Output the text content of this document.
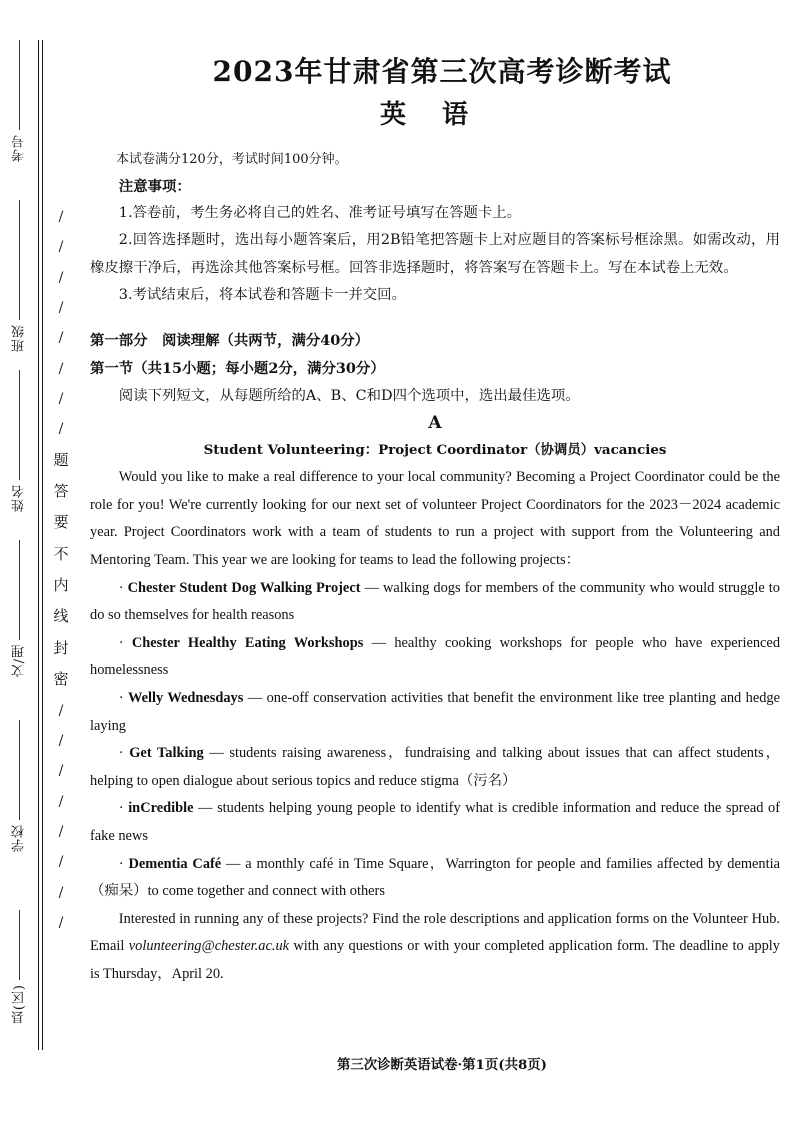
考号
班级
姓名
文/理
学校
县(区)
/
/
/
/
/
/
/
/
题
答
要
不
内
线
封
密
/
/
/
/
/
/
/
/
2023年甘肃省第三次高考诊断考试
英语

本试卷满分120分，考试时间100分钟。

注意事项：

1.答卷前，考生务必将自己的姓名、准考证号填写在答题卡上。

2.回答选择题时，选出每小题答案后，用2B铅笔把答题卡上对应题目的答案标号框涂黑。如需改动，用橡皮擦干净后，再选涂其他答案标号框。回答非选择题时，将答案写在答题卡上。写在本试卷上无效。

3.考试结束后，将本试卷和答题卡一并交回。

第一部分　阅读理解（共两节，满分40分）
第一节（共15小题；每小题2分，满分30分）

阅读下列短文，从每题所给的A、B、C和D四个选项中，选出最佳选项。

A
Student Volunteering：Project Coordinator（协调员）vacancies

Would you like to make a real difference to your local community? Becoming a Project Coordinator could be the role for you! We're currently looking for our next set of volunteer Project Coordinators for the 2023－2024 academic year. Project Coordinators work with a team of students to run a project with support from the Volunteering and Mentoring Team. This year we are looking for teams to lead the following projects：

· Chester Student Dog Walking Project — walking dogs for members of the community who would struggle to do so themselves for health reasons

· Chester Healthy Eating Workshops — healthy cooking workshops for people who have experienced homelessness

· Welly Wednesdays — one-off conservation activities that benefit the environment like tree planting and hedge laying

· Get Talking — students raising awareness，fundraising and talking about issues that can affect students，helping to open dialogue about serious topics and reduce stigma（污名）

· inCredible — students helping young people to identify what is credible information and reduce the spread of fake news

· Dementia Café — a monthly café in Time Square，Warrington for people and families affected by dementia（痴呆）to come together and connect with others

Interested in running any of these projects? Find the role descriptions and application forms on the Volunteer Hub. Email volunteering@chester.ac.uk with any questions or with your completed application form. The deadline to apply is Thursday，April 20.

第三次诊断英语试卷·第1页(共8页)
